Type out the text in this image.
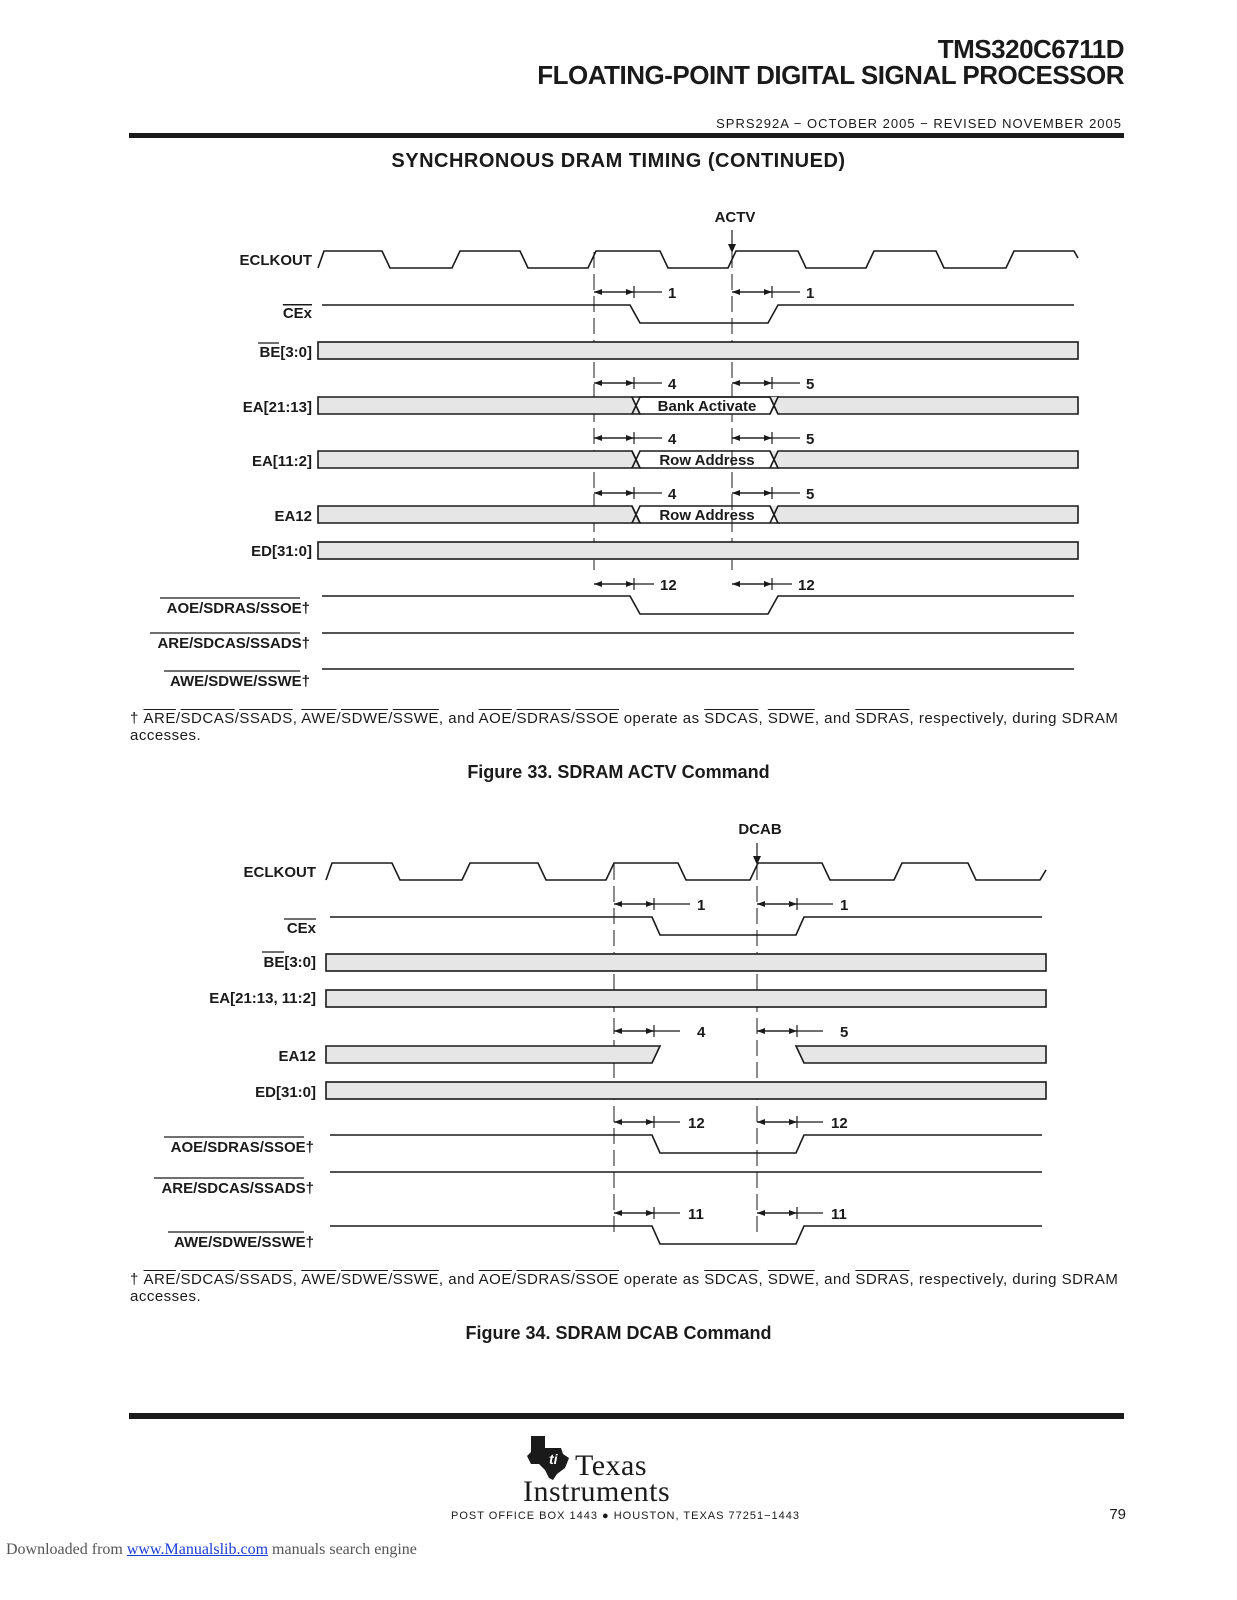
TMS320C6711D
FLOATING-POINT DIGITAL SIGNAL PROCESSOR
SPRS292A − OCTOBER 2005 − REVISED NOVEMBER 2005
SYNCHRONOUS DRAM TIMING (CONTINUED)
ACTV
ECLKOUT
CEx
BE[3:0]
EA[21:13]
EA[11:2]
EA12
ED[31:0]
AOE/SDRAS/SSOE†
ARE/SDCAS/SSADS†
AWE/SDWE/SSWE†
Bank Activate
Row Address
Row Address
1	1
4	5
4	5
4	5
12	12
† $\overline{ARE}/SDCAS$/SSADS, $\overline{AWE}/SDWE$/SSWE, and $\overline{AOE}/SDRAS$/SSOE operate as SDCAS, SDWE, and SDRAS, respectively, during SDRAM accesses.
Figure 33. SDRAM ACTV Command
DCAB
ECLKOUT
CEx
BE[3:0]
EA[21:13, 11:2]
EA12
ED[31:0]
AOE/SDRAS/SSOE†
ARE/SDCAS/SSADS†
AWE/SDWE/SSWE†
1	1
4	5
12	12
11	11
† $\overline{ARE}/SDCAS$/SSADS, $\overline{AWE}/SDWE$/SSWE, and $\overline{AOE}/SDRAS$/SSOE operate as SDCAS, SDWE, and SDRAS, respectively, during SDRAM accesses.
Figure 34. SDRAM DCAB Command
ti Texas
Instruments
POST OFFICE BOX 1443 ● HOUSTON, TEXAS 77251−1443	79
Downloaded from www.Manualslib.com manuals search engine
